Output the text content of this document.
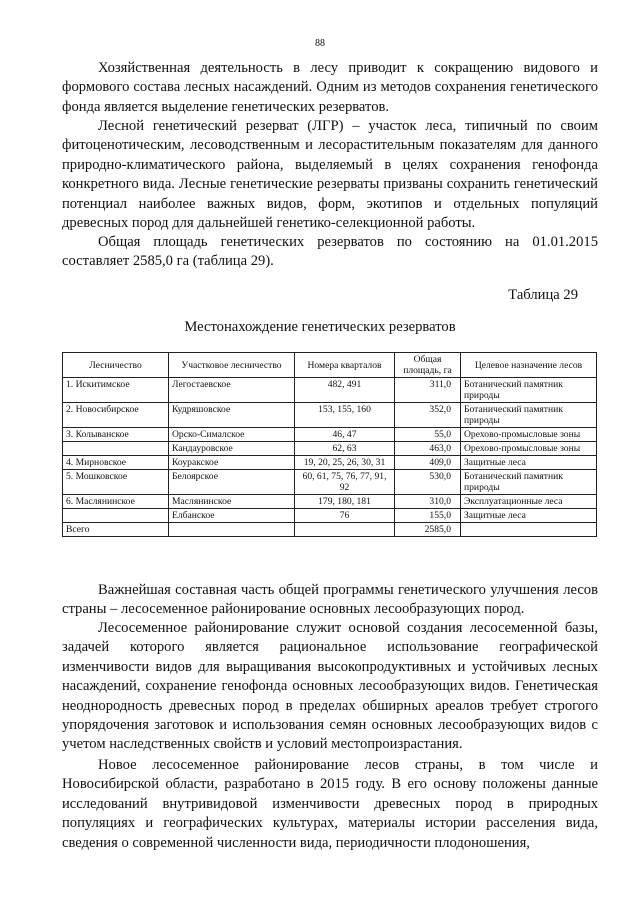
88

Хозяйственная деятельность в лесу приводит к сокращению видового и формового состава лесных насаждений. Одним из методов сохранения генетического фонда является выделение генетических резерватов.

Лесной генетический резерват (ЛГР) – участок леса, типичный по своим фитоценотическим, лесоводственным и лесорастительным показателям для данного природно-климатического района, выделяемый в целях сохранения генофонда конкретного вида. Лесные генетические резерваты призваны сохранить генетический потенциал наиболее важных видов, форм, экотипов и отдельных популяций древесных пород для дальнейшей генетико-селекционной работы.

Общая площадь генетических резерватов по состоянию на 01.01.2015 составляет 2585,0 га (таблица 29).

Таблица 29
Местонахождение генетических резерватов
Лесничество	Участковое лесничество	Номера кварталов	Общая площадь, га	Целевое назначение лесов
1. Искитимское	Легостаевское	482, 491	311,0	Ботанический памятник природы
2. Новосибирское	Кудряшовское	153, 155, 160	352,0	Ботанический памятник природы
3. Колыванское	Орско-Сималское	46, 47	55,0	Орехово-промысловые зоны
	Кандауровское	62, 63	463,0	Орехово-промысловые зоны
4. Мирновское	Коуракское	19, 20, 25, 26, 30, 31	409,0	Защитные леса
5. Мошковское	Белоярское	60, 61, 75, 76, 77, 91, 92	530,0	Ботанический памятник природы
6. Маслянинское	Маслянинское	179, 180, 181	310,0	Эксплуатационные леса
	Елбанское	76	155,0	Защитные леса
Всего			2585,0	

Важнейшая составная часть общей программы генетического улучшения лесов страны – лесосеменное районирование основных лесообразующих пород.

Лесосеменное районирование служит основой создания лесосеменной базы, задачей которого является рациональное использование географической изменчивости видов для выращивания высокопродуктивных и устойчивых лесных насаждений, сохранение генофонда основных лесообразующих видов. Генетическая неоднородность древесных пород в пределах обширных ареалов требует строгого упорядочения заготовок и использования семян основных лесообразующих видов с учетом наследственных свойств и условий местопроизрастания.

Новое лесосеменное районирование лесов страны, в том числе и Новосибирской области, разработано в 2015 году. В его основу положены данные исследований внутривидовой изменчивости древесных пород в природных популяциях и географических культурах, материалы истории расселения вида, сведения о современной численности вида, периодичности плодоношения,
